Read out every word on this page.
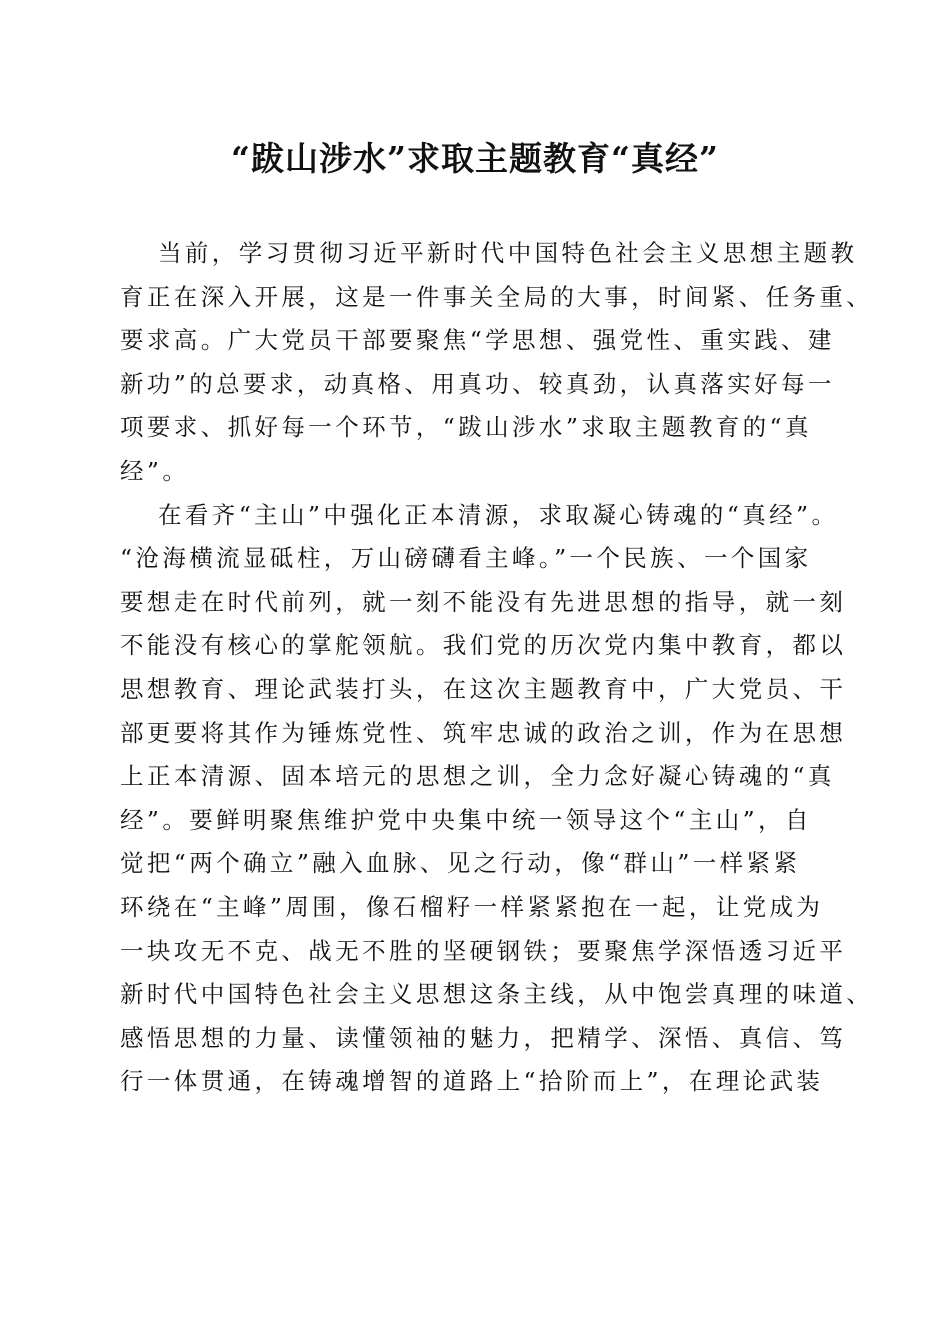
“跋山涉水”求取主题教育“真经”

当前，学习贯彻习近平新时代中国特色社会主义思想主题教
育正在深入开展，这是一件事关全局的大事，时间紧、任务重、
要求高。广大党员干部要聚焦“学思想、强党性、重实践、建
新功”的总要求，动真格、用真功、较真劲，认真落实好每一
项要求、抓好每一个环节，“跋山涉水”求取主题教育的“真
经”。

在看齐“主山”中强化正本清源，求取凝心铸魂的“真经”。
“沧海横流显砥柱，万山磅礴看主峰。”一个民族、一个国家
要想走在时代前列，就一刻不能没有先进思想的指导，就一刻
不能没有核心的掌舵领航。我们党的历次党内集中教育，都以
思想教育、理论武装打头，在这次主题教育中，广大党员、干
部更要将其作为锤炼党性、筑牢忠诚的政治之训，作为在思想
上正本清源、固本培元的思想之训，全力念好凝心铸魂的“真
经”。要鲜明聚焦维护党中央集中统一领导这个“主山”，自
觉把“两个确立”融入血脉、见之行动，像“群山”一样紧紧
环绕在“主峰”周围，像石榴籽一样紧紧抱在一起，让党成为
一块攻无不克、战无不胜的坚硬钢铁；要聚焦学深悟透习近平
新时代中国特色社会主义思想这条主线，从中饱尝真理的味道、
感悟思想的力量、读懂领袖的魅力，把精学、深悟、真信、笃
行一体贯通，在铸魂增智的道路上“拾阶而上”，在理论武装
